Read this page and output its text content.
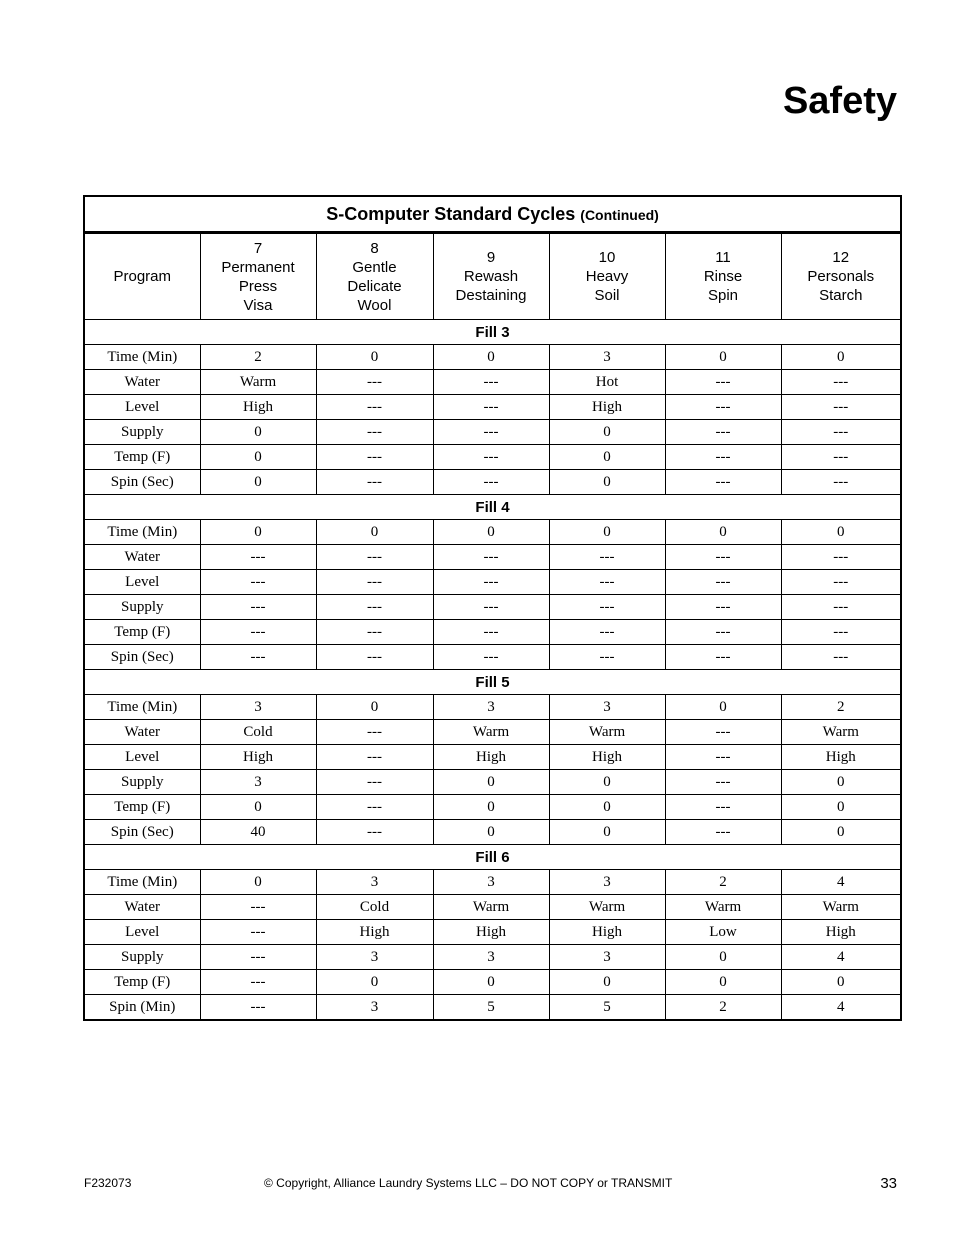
Safety
S-Computer Standard Cycles (Continued)						
Program	7
Permanent
Press
Visa	8
Gentle
Delicate
Wool	9
Rewash
Destaining	10
Heavy
Soil	11
Rinse
Spin	12
Personals
Starch

Fill 3						
Time (Min)	2	0	0	3	0	0
Water	Warm	---	---	Hot	---	---
Level	High	---	---	High	---	---
Supply	0	---	---	0	---	---
Temp (F)	0	---	---	0	---	---
Spin (Sec)	0	---	---	0	---	---
Fill 4						
Time (Min)	0	0	0	0	0	0
Water	---	---	---	---	---	---
Level	---	---	---	---	---	---
Supply	---	---	---	---	---	---
Temp (F)	---	---	---	---	---	---
Spin (Sec)	---	---	---	---	---	---
Fill 5						
Time (Min)	3	0	3	3	0	2
Water	Cold	---	Warm	Warm	---	Warm
Level	High	---	High	High	---	High
Supply	3	---	0	0	---	0
Temp (F)	0	---	0	0	---	0
Spin (Sec)	40	---	0	0	---	0
Fill 6						
Time (Min)	0	3	3	3	2	4
Water	---	Cold	Warm	Warm	Warm	Warm
Level	---	High	High	High	Low	High
Supply	---	3	3	3	0	4
Temp (F)	---	0	0	0	0	0
Spin (Min)	---	3	5	5	2	4
F232073	© Copyright, Alliance Laundry Systems LLC – DO NOT COPY or TRANSMIT	33
